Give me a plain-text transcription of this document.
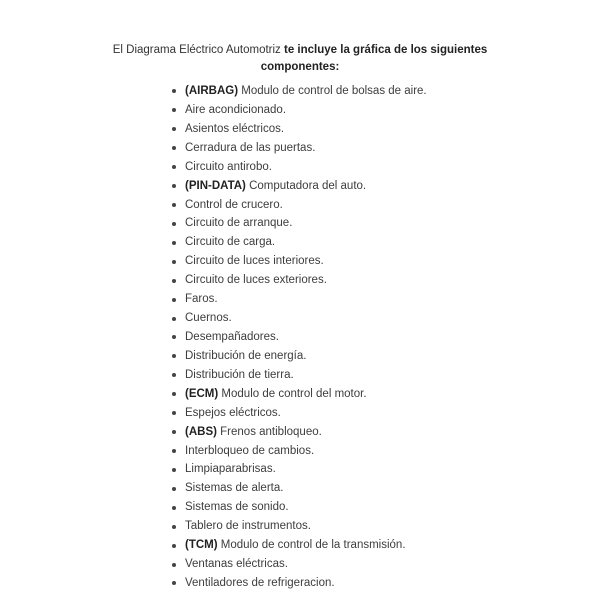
El Diagrama Eléctrico Automotriz te incluye la gráfica de los siguientes
componentes:
(AIRBAG) Modulo de control de bolsas de aire.
Aire acondicionado.
Asientos eléctricos.
Cerradura de las puertas.
Circuito antirobo.
(PIN-DATA) Computadora del auto.
Control de crucero.
Circuito de arranque.
Circuito de carga.
Circuito de luces interiores.
Circuito de luces exteriores.
Faros.
Cuernos.
Desempañadores.
Distribución de energía.
Distribución de tierra.
(ECM) Modulo de control del motor.
Espejos eléctricos.
(ABS) Frenos antibloqueo.
Interbloqueo de cambios.
Limpiaparabrisas.
Sistemas de alerta.
Sistemas de sonido.
Tablero de instrumentos.
(TCM) Modulo de control de la transmisión.
Ventanas eléctricas.
Ventiladores de refrigeracion.
